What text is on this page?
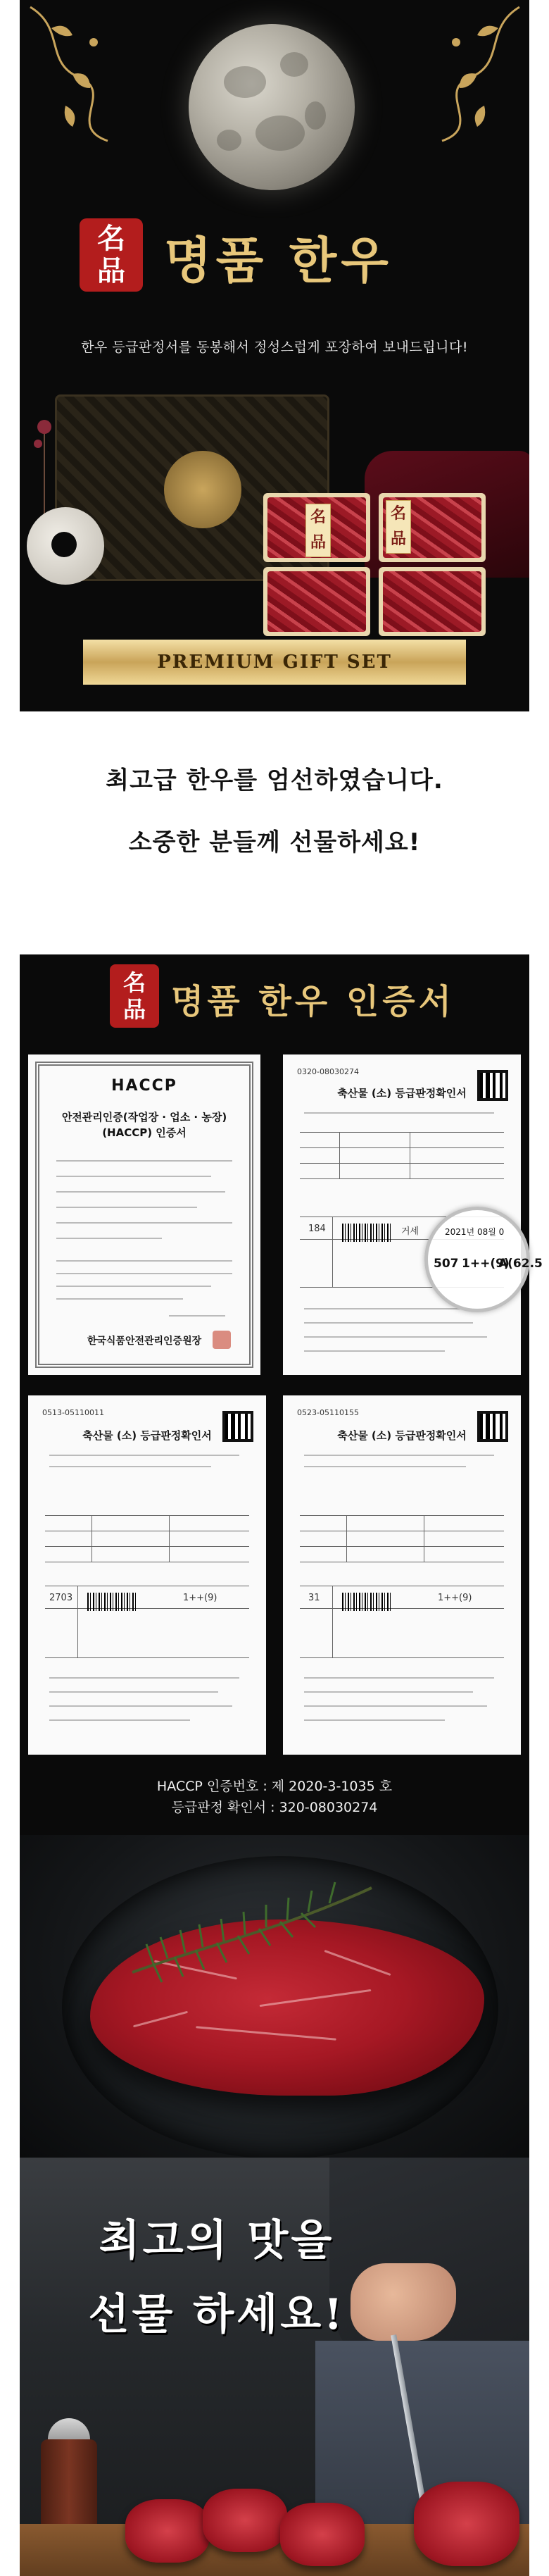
名
品 명품 한우
한우 등급판정서를 동봉해서 정성스럽게 포장하여 보내드립니다!
名品
名品
PREMIUM GIFT SET
최고급 한우를 엄선하였습니다.
소중한 분들께 선물하세요!
名
品 명품 한우 인증서
HACCP
안전관리인증(작업장 · 업소 · 농장)
(HACCP) 인증서
한국식품안전관리인증원장
0320-08030274
축산물 (소) 등급판정확인서
184	거세	2021년 08월 0
507 1++(9)
A(62.5
0513-05110011
축산물 (소) 등급판정확인서
2703	1++(9)
0523-05110155
축산물 (소) 등급판정확인서
31	1++(9)
HACCP 인증번호 : 제 2020-3-1035 호
등급판정 확인서 : 320-08030274
최고의 맛을
선물 하세요!
